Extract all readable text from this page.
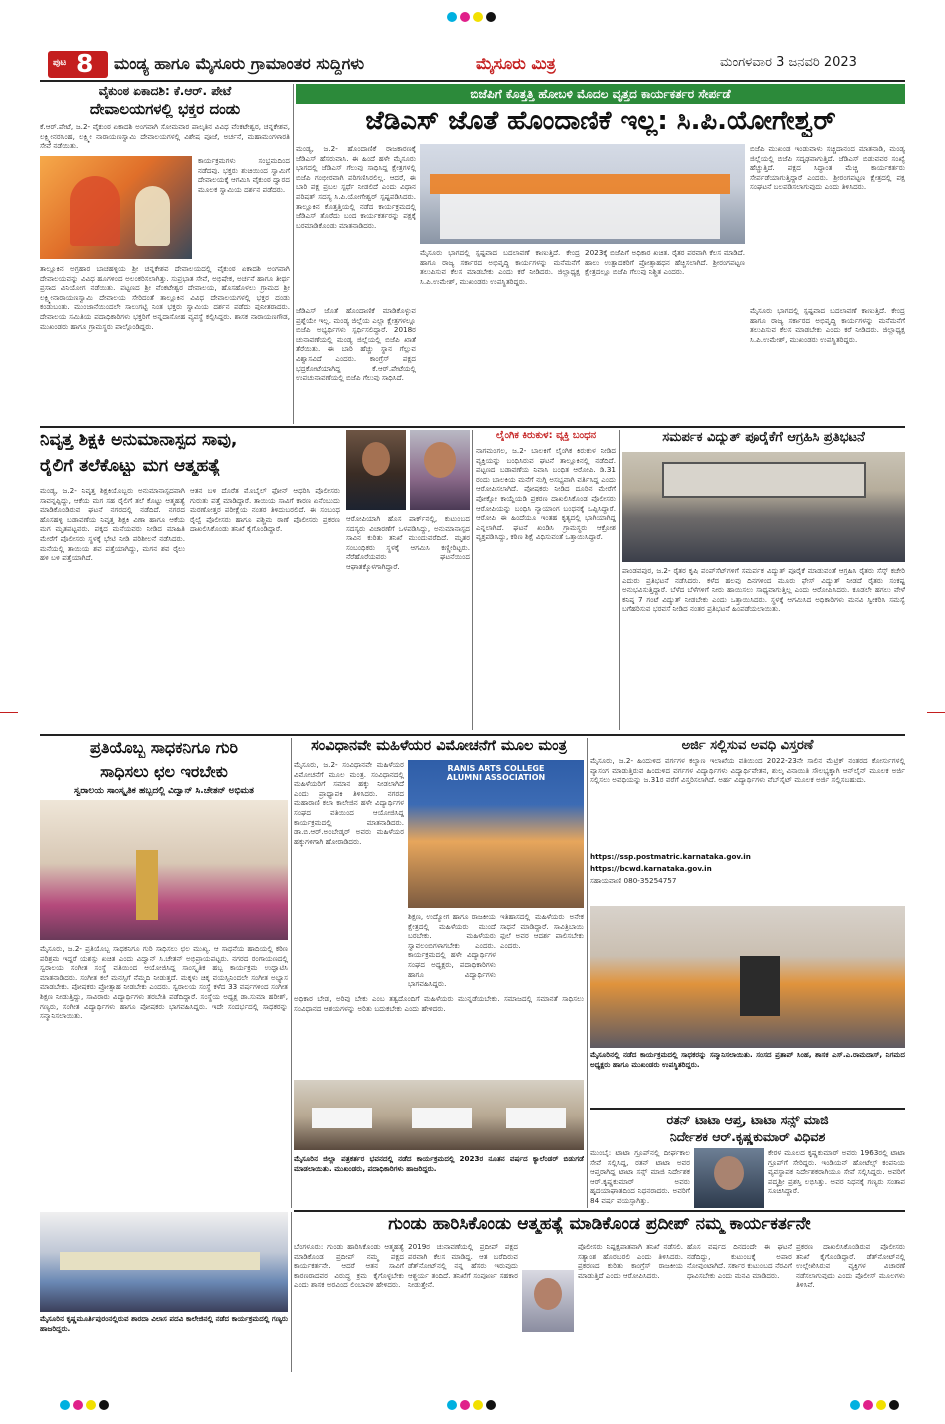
ಪುಟ 8 ಮಂಡ್ಯ ಹಾಗೂ ಮೈಸೂರು ಗ್ರಾಮಾಂತರ ಸುದ್ದಿಗಳು	ಮೈಸೂರು ಮಿತ್ರ	ಮಂಗಳವಾರ 3 ಜನವರಿ 2023
ವೈಕುಂಠ ಏಕಾದಶಿ: ಕೆ.ಆರ್. ಪೇಟೆ
ದೇವಾಲಯಗಳಲ್ಲಿ ಭಕ್ತರ ದಂಡು
ಕೆ.ಆರ್.ಪೇಟೆ, ಜ.2- ವೈಕುಂಠ ಏಕಾದಶಿ ಅಂಗವಾಗಿ ಸೋಮವಾರ ಪಾಲ್ಕತಿನ ವಿವಿಧ ವೆಂಕಟೇಶ್ವರ, ಚನ್ನಕೇಶವ, ಲಕ್ಷ್ಮೀನರಸಿಂಹ, ಲಕ್ಷ್ಮೀ ನಾರಾಯಣಸ್ವಾಮಿ ದೇವಾಲಯಗಳಲ್ಲಿ ವಿಶೇಷ ಪೂಜೆ, ಅರ್ಚನೆ, ಮಹಾಮಂಗಳಾರತಿ ಸೇವೆ ನಡೆಯಿತು.
ಕಾರ್ಯಕ್ರಮಗಳು ಸಂಭ್ರಮದಿಂದ ನಡೆದವು. ಭಕ್ತರು ಶುಚಿಯಿಂದ ಸ್ವಾಮಿಗೆ ದೇವಾಲಯಕ್ಕೆ ಆಗಮಿಸಿ ವೈಕುಂಠ ದ್ವಾರದ ಮೂಲಕ ಸ್ವಾಮಿಯ ದರ್ಶನ ಪಡೆದರು.
ತಾಲ್ಲೂಕಿನ ಅಗ್ರಹಾರ ಬಾಚಹಳ್ಳಿಯ ಶ್ರೀ ಚನ್ನಕೇಶವ ದೇವಾಲಯದಲ್ಲಿ ವೈಕುಂಠ ಏಕಾದಶಿ ಅಂಗವಾಗಿ ದೇವಾಲಯವನ್ನು ವಿವಿಧ ಹೂಗಳಿಂದ ಅಲಂಕರಿಸಲಾಗಿತ್ತು. ಸುಪ್ರಭಾತ ಸೇವೆ, ಅಭಿಷೇಕ, ಅರ್ಚನೆ ಹಾಗೂ ತೀರ್ಥ ಪ್ರಸಾದ ವಿನಿಯೋಗ ನಡೆಯಿತು. ಪಟ್ಟಣದ ಶ್ರೀ ವೆಂಕಟೇಶ್ವರ ದೇವಾಲಯ, ಹೊಸಹೊಳಲು ಗ್ರಾಮದ ಶ್ರೀ ಲಕ್ಷ್ಮೀನಾರಾಯಣಸ್ವಾಮಿ ದೇವಾಲಯ ಸೇರಿದಂತೆ ತಾಲ್ಲೂಕಿನ ವಿವಿಧ ದೇವಾಲಯಗಳಲ್ಲಿ ಭಕ್ತರ ದಂಡು ಕಂಡುಬಂತು. ಮುಂಜಾನೆಯಿಂದಲೇ ಸಾಲುಗಟ್ಟಿ ನಿಂತ ಭಕ್ತರು ಸ್ವಾಮಿಯ ದರ್ಶನ ಪಡೆದು ಪುನೀತರಾದರು. ದೇವಾಲಯ ಸಮಿತಿಯ ಪದಾಧಿಕಾರಿಗಳು ಭಕ್ತರಿಗೆ ಅನ್ನದಾಸೋಹ ವ್ಯವಸ್ಥೆ ಕಲ್ಪಿಸಿದ್ದರು. ಶಾಸಕ ನಾರಾಯಣಗೌಡ, ಮುಖಂಡರು ಹಾಗೂ ಗ್ರಾಮಸ್ಥರು ಪಾಲ್ಗೊಂಡಿದ್ದರು.
ಬಿಜೆಪಿಗೆ ಕೊತ್ತತ್ತಿ ಹೋಬಳಿ ಮೊದಲ ವೃತ್ತದ ಕಾರ್ಯಕರ್ತರ ಸೇರ್ಪಡೆ
ಜೆಡಿಎಸ್ ಜೊತೆ ಹೊಂದಾಣಿಕೆ ಇಲ್ಲ: ಸಿ.ಪಿ.ಯೋಗೇಶ್ವರ್
ಮಂಡ್ಯ, ಜ.2- ಹೊಂದಾಣಿಕೆ ರಾಜಕಾರಣಕ್ಕೆ ಜೆಡಿಎಸ್ ಹೆಸರುವಾಸಿ. ಈ ಹಿಂದೆ ಹಳೇ ಮೈಸೂರು ಭಾಗದಲ್ಲಿ ಜೆಡಿಎಸ್ ಗೆಲುವು ಸಾಧಿಸಿದ್ದ ಕ್ಷೇತ್ರಗಳಲ್ಲಿ ಬಿಜೆಪಿ ಗಂಭೀರವಾಗಿ ಪರಿಗಣಿಸಿರಲಿಲ್ಲ. ಆದರೆ, ಈ ಬಾರಿ ಪಕ್ಷ ಪ್ರಬಲ ಸ್ಪರ್ಧೆ ನೀಡಲಿದೆ ಎಂದು ವಿಧಾನ ಪರಿಷತ್ ಸದಸ್ಯ ಸಿ.ಪಿ.ಯೋಗೇಶ್ವರ್ ಸ್ಪಷ್ಟಪಡಿಸಿದರು. ತಾಲ್ಲೂಕಿನ ಕೊತ್ತತ್ತಿಯಲ್ಲಿ ನಡೆದ ಕಾರ್ಯಕ್ರಮದಲ್ಲಿ ಜೆಡಿಎಸ್ ತೊರೆದು ಬಂದ ಕಾರ್ಯಕರ್ತರನ್ನು ಪಕ್ಷಕ್ಕೆ ಬರಮಾಡಿಕೊಂಡು ಮಾತನಾಡಿದರು.
ಬಿಜೆಪಿ ಮುಖಂಡ ಇಂಡುವಾಳು ಸಚ್ಚಿದಾನಂದ ಮಾತನಾಡಿ, ಮಂಡ್ಯ ಜಿಲ್ಲೆಯಲ್ಲಿ ಬಿಜೆಪಿ ಸದೃಢವಾಗುತ್ತಿದೆ. ಜೆಡಿಎಸ್ ಬಿಡುವವರ ಸಂಖ್ಯೆ ಹೆಚ್ಚುತ್ತಿದೆ. ಪಕ್ಷದ ಸಿದ್ಧಾಂತ ಮೆಚ್ಚಿ ಕಾರ್ಯಕರ್ತರು ಸೇರ್ಪಡೆಯಾಗುತ್ತಿದ್ದಾರೆ ಎಂದರು. ಶ್ರೀರಂಗಪಟ್ಟಣ ಕ್ಷೇತ್ರದಲ್ಲಿ ಪಕ್ಷ ಸಂಘಟನೆ ಬಲಪಡಿಸಲಾಗುವುದು ಎಂದು ತಿಳಿಸಿದರು.
ಜೆಡಿಎಸ್ ಜೊತೆ ಹೊಂದಾಣಿಕೆ ಮಾಡಿಕೊಳ್ಳುವ ಪ್ರಶ್ನೆಯೇ ಇಲ್ಲ. ಮಂಡ್ಯ ಜಿಲ್ಲೆಯ ಎಲ್ಲಾ ಕ್ಷೇತ್ರಗಳಲ್ಲೂ ಬಿಜೆಪಿ ಅಭ್ಯರ್ಥಿಗಳು ಸ್ಪರ್ಧಿಸಲಿದ್ದಾರೆ. 2018ರ ಚುನಾವಣೆಯಲ್ಲಿ ಮಂಡ್ಯ ಜಿಲ್ಲೆಯಲ್ಲಿ ಬಿಜೆಪಿ ಖಾತೆ ತೆರೆಯಿತು. ಈ ಬಾರಿ ಹೆಚ್ಚು ಸ್ಥಾನ ಗೆಲ್ಲುವ ವಿಶ್ವಾಸವಿದೆ ಎಂದರು. ಕಾಂಗ್ರೆಸ್ ಪಕ್ಷದ ಭದ್ರಕೋಟೆಯಾಗಿದ್ದ ಕೆ.ಆರ್.ಪೇಟೆಯಲ್ಲಿ ಉಪಚುನಾವಣೆಯಲ್ಲಿ ಬಿಜೆಪಿ ಗೆಲುವು ಸಾಧಿಸಿದೆ.
ಮೈಸೂರು ಭಾಗದಲ್ಲಿ ಸ್ಪಷ್ಟವಾದ ಬದಲಾವಣೆ ಕಾಣುತ್ತಿದೆ. ಕೇಂದ್ರ ಹಾಗೂ ರಾಜ್ಯ ಸರ್ಕಾರದ ಅಭಿವೃದ್ಧಿ ಕಾರ್ಯಗಳನ್ನು ಮನೆಮನೆಗೆ ತಲುಪಿಸುವ ಕೆಲಸ ಮಾಡಬೇಕು ಎಂದು ಕರೆ ನೀಡಿದರು. ಜಿಲ್ಲಾಧ್ಯಕ್ಷ ಸಿ.ಪಿ.ಉಮೇಶ್, ಮುಖಂಡರು ಉಪಸ್ಥಿತರಿದ್ದರು.
2023ಕ್ಕೆ ಬಿಜೆಪಿಗೆ ಅಧಿಕಾರ ಖಚಿತ. ರೈತರ ಪರವಾಗಿ ಕೆಲಸ ಮಾಡಿದೆ. ಹಾಲು ಉತ್ಪಾದಕರಿಗೆ ಪ್ರೋತ್ಸಾಹಧನ ಹೆಚ್ಚಿಸಲಾಗಿದೆ. ಶ್ರೀರಂಗಪಟ್ಟಣ ಕ್ಷೇತ್ರದಲ್ಲೂ ಬಿಜೆಪಿ ಗೆಲುವು ನಿಶ್ಚಿತ ಎಂದರು.
ಮೈಸೂರು ಭಾಗದಲ್ಲಿ ಸ್ಪಷ್ಟವಾದ ಬದಲಾವಣೆ ಕಾಣುತ್ತಿದೆ. ಕೇಂದ್ರ ಹಾಗೂ ರಾಜ್ಯ ಸರ್ಕಾರದ ಅಭಿವೃದ್ಧಿ ಕಾರ್ಯಗಳನ್ನು ಮನೆಮನೆಗೆ ತಲುಪಿಸುವ ಕೆಲಸ ಮಾಡಬೇಕು ಎಂದು ಕರೆ ನೀಡಿದರು. ಜಿಲ್ಲಾಧ್ಯಕ್ಷ ಸಿ.ಪಿ.ಉಮೇಶ್, ಮುಖಂಡರು ಉಪಸ್ಥಿತರಿದ್ದರು.
ನಿವೃತ್ತ ಶಿಕ್ಷಕಿ ಅನುಮಾನಾಸ್ಪದ ಸಾವು,
ರೈಲಿಗೆ ತಲೆಕೊಟ್ಟು ಮಗ ಆತ್ಮಹತ್ಯೆ
ಮಂಡ್ಯ, ಜ.2- ನಿವೃತ್ತ ಶಿಕ್ಷಕಿಯೊಬ್ಬರು ಅನುಮಾನಾಸ್ಪದವಾಗಿ ಸಾವನ್ನಪ್ಪಿದ್ದು, ಆಕೆಯ ಮಗ ಸಹ ರೈಲಿಗೆ ತಲೆ ಕೊಟ್ಟು ಆತ್ಮಹತ್ಯೆ ಮಾಡಿಕೊಂಡಿರುವ ಘಟನೆ ನಗರದಲ್ಲಿ ನಡೆದಿದೆ. ನಗರದ ಹೊಸಹಳ್ಳಿ ಬಡಾವಣೆಯ ನಿವೃತ್ತ ಶಿಕ್ಷಕಿ ವಿಣಾ ಹಾಗೂ ಆಕೆಯ ಮಗ ಮೃತಪಟ್ಟವರು. ಪಕ್ಕದ ಮನೆಯವರು ನೀಡಿದ ಮಾಹಿತಿ ಮೇರೆಗೆ ಪೊಲೀಸರು ಸ್ಥಳಕ್ಕೆ ಭೇಟಿ ನೀಡಿ ಪರಿಶೀಲನೆ ನಡೆಸಿದರು. ಮನೆಯಲ್ಲಿ ತಾಯಿಯ ಶವ ಪತ್ತೆಯಾಗಿದ್ದು, ಮಗನ ಶವ ರೈಲು ಹಳಿ ಬಳಿ ಪತ್ತೆಯಾಗಿದೆ.
ಆತನ ಬಳಿ ದೊರೆತ ಮೊಬೈಲ್ ಫೋನ್ ಆಧರಿಸಿ ಪೊಲೀಸರು ಗುರುತು ಪತ್ತೆ ಮಾಡಿದ್ದಾರೆ. ತಾಯಿಯ ಸಾವಿಗೆ ಕಾರಣ ಏನೆಂಬುದು ಮರಣೋತ್ತರ ಪರೀಕ್ಷೆಯ ನಂತರ ತಿಳಿದುಬರಲಿದೆ. ಈ ಸಂಬಂಧ ರೈಲ್ವೆ ಪೊಲೀಸರು ಹಾಗೂ ಪಶ್ಚಿಮ ಠಾಣೆ ಪೊಲೀಸರು ಪ್ರಕರಣ ದಾಖಲಿಸಿಕೊಂಡು ತನಿಖೆ ಕೈಗೊಂಡಿದ್ದಾರೆ.
ಆರೋಪಿಯಾಗಿ ಹೊಸ ಪಾರ್ಕ್‌ನಲ್ಲಿ, ಕುಟುಂಬದ ಸದಸ್ಯರು ವಿಚಾರಣೆಗೆ ಒಳಪಡಿಸಿದ್ದು, ಅನುಮಾನಾಸ್ಪದ ಸಾವಿನ ಕುರಿತು ತನಿಖೆ ಮುಂದುವರೆದಿದೆ. ಮೃತರ ಸಂಬಂಧಿಕರು ಸ್ಥಳಕ್ಕೆ ಆಗಮಿಸಿ ಕಣ್ಣೀರಿಟ್ಟರು. ನೆರೆಹೊರೆಯವರು ಘಟನೆಯಿಂದ ಆಘಾತಕ್ಕೊಳಗಾಗಿದ್ದಾರೆ.
ಲೈಂಗಿಕ ಕಿರುಕುಳ: ವ್ಯಕ್ತಿ ಬಂಧನ
ನಾಗಮಂಗಲ, ಜ.2- ಬಾಲಕಿಗೆ ಲೈಂಗಿಕ ಕಿರುಕುಳ ನೀಡಿದ ವ್ಯಕ್ತಿಯನ್ನು ಬಂಧಿಸಿರುವ ಘಟನೆ ತಾಲ್ಲೂಕಿನಲ್ಲಿ ನಡೆದಿದೆ. ಪಟ್ಟಣದ ಬಡಾವಣೆಯ ನಿವಾಸಿ ಬಂಧಿತ ಆರೋಪಿ. ಡಿ.31 ರಂದು ಬಾಲಕಿಯ ಮನೆಗೆ ನುಗ್ಗಿ ಅಸಭ್ಯವಾಗಿ ವರ್ತಿಸಿದ್ದ ಎಂದು ಆರೋಪಿಸಲಾಗಿದೆ. ಪೋಷಕರು ನೀಡಿದ ದೂರಿನ ಮೇರೆಗೆ ಪೋಕ್ಸೋ ಕಾಯ್ದೆಯಡಿ ಪ್ರಕರಣ ದಾಖಲಿಸಿಕೊಂಡ ಪೊಲೀಸರು ಆರೋಪಿಯನ್ನು ಬಂಧಿಸಿ ನ್ಯಾಯಾಂಗ ಬಂಧನಕ್ಕೆ ಒಪ್ಪಿಸಿದ್ದಾರೆ. ಆರೋಪಿ ಈ ಹಿಂದೆಯೂ ಇಂತಹ ಕೃತ್ಯದಲ್ಲಿ ಭಾಗಿಯಾಗಿದ್ದ ಎನ್ನಲಾಗಿದೆ. ಘಟನೆ ಖಂಡಿಸಿ ಗ್ರಾಮಸ್ಥರು ಆಕ್ರೋಶ ವ್ಯಕ್ತಪಡಿಸಿದ್ದು, ಕಠಿಣ ಶಿಕ್ಷೆ ವಿಧಿಸುವಂತೆ ಒತ್ತಾಯಿಸಿದ್ದಾರೆ.
ಸಮರ್ಪಕ ವಿದ್ಯುತ್ ಪೂರೈಕೆಗೆ ಆಗ್ರಹಿಸಿ ಪ್ರತಿಭಟನೆ
ಪಾಂಡವಪುರ, ಜ.2- ರೈತರ ಕೃಷಿ ಪಂಪ್‌ಸೆಟ್‌ಗಳಿಗೆ ಸಮರ್ಪಕ ವಿದ್ಯುತ್ ಪೂರೈಕೆ ಮಾಡುವಂತೆ ಆಗ್ರಹಿಸಿ ರೈತರು ಸೆಸ್ಕ್ ಕಚೇರಿ ಎದುರು ಪ್ರತಿಭಟನೆ ನಡೆಸಿದರು. ಕಳೆದ ಹಲವು ದಿನಗಳಿಂದ ಮೂರು ಫೇಸ್ ವಿದ್ಯುತ್ ನೀಡದೆ ರೈತರು ಸಂಕಷ್ಟ ಅನುಭವಿಸುತ್ತಿದ್ದಾರೆ. ಬೆಳೆದ ಬೆಳೆಗಳಿಗೆ ನೀರು ಹಾಯಿಸಲು ಸಾಧ್ಯವಾಗುತ್ತಿಲ್ಲ ಎಂದು ಆರೋಪಿಸಿದರು. ಕೂಡಲೇ ಹಗಲು ವೇಳೆ ಕನಿಷ್ಠ 7 ಗಂಟೆ ವಿದ್ಯುತ್ ನೀಡಬೇಕು ಎಂದು ಒತ್ತಾಯಿಸಿದರು. ಸ್ಥಳಕ್ಕೆ ಆಗಮಿಸಿದ ಅಧಿಕಾರಿಗಳು ಮನವಿ ಸ್ವೀಕರಿಸಿ ಸಮಸ್ಯೆ ಬಗೆಹರಿಸುವ ಭರವಸೆ ನೀಡಿದ ನಂತರ ಪ್ರತಿಭಟನೆ ಹಿಂಪಡೆಯಲಾಯಿತು.
ಪ್ರತಿಯೊಬ್ಬ ಸಾಧಕನಿಗೂ ಗುರಿ
ಸಾಧಿಸಲು ಛಲ ಇರಬೇಕು
ಸ್ವರಾಲಯ ಸಾಂಸ್ಕೃತಿಕ ಹಬ್ಬದಲ್ಲಿ ವಿದ್ವಾನ್ ಸಿ.ಚೇತನ್ ಅಭಿಮತ
ಮೈಸೂರು, ಜ.2- ಪ್ರತಿಯೊಬ್ಬ ಸಾಧಕನಿಗೂ ಗುರಿ ಸಾಧಿಸಲು ಛಲ ಮುಖ್ಯ. ಆ ಸಾಧನೆಯ ಹಾದಿಯಲ್ಲಿ ಕಠಿಣ ಪರಿಶ್ರಮ ಇದ್ದರೆ ಯಶಸ್ಸು ಖಚಿತ ಎಂದು ವಿದ್ವಾನ್ ಸಿ.ಚೇತನ್ ಅಭಿಪ್ರಾಯಪಟ್ಟರು. ನಗರದ ರಂಗಾಯಣದಲ್ಲಿ ಸ್ವರಾಲಯ ಸಂಗೀತ ಸಂಸ್ಥೆ ವತಿಯಿಂದ ಆಯೋಜಿಸಿದ್ದ ಸಾಂಸ್ಕೃತಿಕ ಹಬ್ಬ ಕಾರ್ಯಕ್ರಮ ಉದ್ಘಾಟಿಸಿ ಮಾತನಾಡಿದರು. ಸಂಗೀತ ಕಲೆ ಮನಸ್ಸಿಗೆ ನೆಮ್ಮದಿ ನೀಡುತ್ತದೆ. ಮಕ್ಕಳು ಚಿಕ್ಕ ವಯಸ್ಸಿನಿಂದಲೇ ಸಂಗೀತ ಅಭ್ಯಾಸ ಮಾಡಬೇಕು. ಪೋಷಕರು ಪ್ರೋತ್ಸಾಹ ನೀಡಬೇಕು ಎಂದರು. ಸ್ವರಾಲಯ ಸಂಸ್ಥೆ ಕಳೆದ 33 ವರ್ಷಗಳಿಂದ ಸಂಗೀತ ಶಿಕ್ಷಣ ನೀಡುತ್ತಿದ್ದು, ಸಾವಿರಾರು ವಿದ್ಯಾರ್ಥಿಗಳು ತರಬೇತಿ ಪಡೆದಿದ್ದಾರೆ. ಸಂಸ್ಥೆಯ ಅಧ್ಯಕ್ಷ ಡಾ.ಸುಮಾ ಹರೀಶ್, ಗಣ್ಯರು, ಸಂಗೀತ ವಿದ್ಯಾರ್ಥಿಗಳು ಹಾಗೂ ಪೋಷಕರು ಭಾಗವಹಿಸಿದ್ದರು. ಇದೇ ಸಂದರ್ಭದಲ್ಲಿ ಸಾಧಕರನ್ನು ಸನ್ಮಾನಿಸಲಾಯಿತು.
ಸಂವಿಧಾನವೇ ಮಹಿಳೆಯರ ವಿಮೋಚನೆಗೆ ಮೂಲ ಮಂತ್ರ
ಮೈಸೂರು, ಜ.2- ಸಂವಿಧಾನವೇ ಮಹಿಳೆಯರ ವಿಮೋಚನೆಗೆ ಮೂಲ ಮಂತ್ರ. ಸಂವಿಧಾನದಲ್ಲಿ ಮಹಿಳೆಯರಿಗೆ ಸಮಾನ ಹಕ್ಕು ನೀಡಲಾಗಿದೆ ಎಂದು ಪ್ರಾಧ್ಯಾಪಕಿ ತಿಳಿಸಿದರು. ನಗರದ ಮಹಾರಾಣಿ ಕಲಾ ಕಾಲೇಜಿನ ಹಳೇ ವಿದ್ಯಾರ್ಥಿಗಳ ಸಂಘದ ವತಿಯಿಂದ ಆಯೋಜಿಸಿದ್ದ ಕಾರ್ಯಕ್ರಮದಲ್ಲಿ ಮಾತನಾಡಿದರು. ಡಾ.ಬಿ.ಆರ್.ಅಂಬೇಡ್ಕರ್ ಅವರು ಮಹಿಳೆಯರ ಹಕ್ಕುಗಳಿಗಾಗಿ ಹೋರಾಡಿದರು.
RANIS ARTS COLLEGE
ALUMNI ASSOCIATION
ಶಿಕ್ಷಣ, ಉದ್ಯೋಗ ಹಾಗೂ ರಾಜಕೀಯ ಕ್ಷೇತ್ರದಲ್ಲಿ ಮಹಿಳೆಯರು ಮುಂದೆ ಬರಬೇಕು. ಮಹಿಳೆಯರು ಸ್ವಾವಲಂಬಿಗಳಾಗಬೇಕು ಎಂದರು. ಕಾರ್ಯಕ್ರಮದಲ್ಲಿ ಹಳೇ ವಿದ್ಯಾರ್ಥಿಗಳ ಸಂಘದ ಅಧ್ಯಕ್ಷರು, ಪದಾಧಿಕಾರಿಗಳು ಹಾಗೂ ವಿದ್ಯಾರ್ಥಿಗಳು ಭಾಗವಹಿಸಿದ್ದರು.
ಇತಿಹಾಸದಲ್ಲಿ ಮಹಿಳೆಯರು ಅನೇಕ ಸಾಧನೆ ಮಾಡಿದ್ದಾರೆ. ಸಾವಿತ್ರಿಬಾಯಿ ಫುಲೆ ಅವರ ಆದರ್ಶ ಪಾಲಿಸಬೇಕು ಎಂದರು.
ಅಧಿಕಾರ ಬೇಡ, ಅರಿವು ಬೇಕು ಎಂಬ ತತ್ವದೊಂದಿಗೆ ಮಹಿಳೆಯರು ಮುನ್ನಡೆಯಬೇಕು. ಸಮಾಜದಲ್ಲಿ ಸಮಾನತೆ ಸಾಧಿಸಲು ಸಂವಿಧಾನದ ಆಶಯಗಳನ್ನು ಅರಿತು ಬದುಕಬೇಕು ಎಂದು ಹೇಳಿದರು.
ಮೈಸೂರಿನ ಜಿಲ್ಲಾ ಪತ್ರಕರ್ತರ ಭವನದಲ್ಲಿ ನಡೆದ ಕಾರ್ಯಕ್ರಮದಲ್ಲಿ 2023ರ ನೂತನ ವರ್ಷದ ಕ್ಯಾಲೆಂಡರ್ ಬಿಡುಗಡೆ ಮಾಡಲಾಯಿತು. ಮುಖಂಡರು, ಪದಾಧಿಕಾರಿಗಳು ಹಾಜರಿದ್ದರು.
ಅರ್ಜಿ ಸಲ್ಲಿಸುವ ಅವಧಿ ವಿಸ್ತರಣೆ
ಮೈಸೂರು, ಜ.2- ಹಿಂದುಳಿದ ವರ್ಗಗಳ ಕಲ್ಯಾಣ ಇಲಾಖೆಯ ವತಿಯಿಂದ 2022-23ನೇ ಸಾಲಿನ ಮೆಟ್ರಿಕ್ ನಂತರದ ಕೋರ್ಸುಗಳಲ್ಲಿ ವ್ಯಾಸಂಗ ಮಾಡುತ್ತಿರುವ ಹಿಂದುಳಿದ ವರ್ಗಗಳ ವಿದ್ಯಾರ್ಥಿಗಳು ವಿದ್ಯಾರ್ಥಿವೇತನ, ಶುಲ್ಕ ವಿನಾಯಿತಿ ಸೌಲಭ್ಯಕ್ಕಾಗಿ ಆನ್‌ಲೈನ್ ಮೂಲಕ ಅರ್ಜಿ ಸಲ್ಲಿಸಲು ಅವಧಿಯನ್ನು ಜ.31ರ ವರೆಗೆ ವಿಸ್ತರಿಸಲಾಗಿದೆ. ಅರ್ಹ ವಿದ್ಯಾರ್ಥಿಗಳು ವೆಬ್‌ಸೈಟ್ ಮೂಲಕ ಅರ್ಜಿ ಸಲ್ಲಿಸಬಹುದು.
https://ssp.postmatric.karnataka.gov.in
https://bcwd.karnataka.gov.in
ಸಹಾಯವಾಣಿ 080-35254757
ಮೈಸೂರಿನಲ್ಲಿ ನಡೆದ ಕಾರ್ಯಕ್ರಮದಲ್ಲಿ ಸಾಧಕರನ್ನು ಸನ್ಮಾನಿಸಲಾಯಿತು. ಸಂಸದ ಪ್ರತಾಪ್ ಸಿಂಹ, ಶಾಸಕ ಎಸ್.ಎ.ರಾಮದಾಸ್, ನಿಗಮದ ಅಧ್ಯಕ್ಷರು ಹಾಗೂ ಮುಖಂಡರು ಉಪಸ್ಥಿತರಿದ್ದರು.
ರತನ್ ಟಾಟಾ ಆಪ್ತ, ಟಾಟಾ ಸನ್ಸ್ ಮಾಜಿ
ನಿರ್ದೇಶಕ ಆರ್.ಕೃಷ್ಣಕುಮಾರ್ ವಿಧಿವಶ
ಮುಂಬೈ: ಟಾಟಾ ಗ್ರೂಪ್‌ನಲ್ಲಿ ದೀರ್ಘಕಾಲ ಸೇವೆ ಸಲ್ಲಿಸಿದ್ದ, ರತನ್ ಟಾಟಾ ಅವರ ಆಪ್ತರಾಗಿದ್ದ ಟಾಟಾ ಸನ್ಸ್ ಮಾಜಿ ನಿರ್ದೇಶಕ ಆರ್.ಕೃಷ್ಣಕುಮಾರ್ ಅವರು ಹೃದಯಾಘಾತದಿಂದ ನಿಧನರಾದರು. ಅವರಿಗೆ 84 ವರ್ಷ ವಯಸ್ಸಾಗಿತ್ತು.
ಕೇರಳ ಮೂಲದ ಕೃಷ್ಣಕುಮಾರ್ ಅವರು 1963ರಲ್ಲಿ ಟಾಟಾ ಗ್ರೂಪ್‌ಗೆ ಸೇರಿದ್ದರು. ಇಂಡಿಯನ್ ಹೋಟೆಲ್ಸ್ ಕಂಪನಿಯ ವ್ಯವಸ್ಥಾಪಕ ನಿರ್ದೇಶಕರಾಗಿಯೂ ಸೇವೆ ಸಲ್ಲಿಸಿದ್ದರು. ಅವರಿಗೆ ಪದ್ಮಶ್ರೀ ಪ್ರಶಸ್ತಿ ಲಭಿಸಿತ್ತು. ಅವರ ನಿಧನಕ್ಕೆ ಗಣ್ಯರು ಸಂತಾಪ ಸೂಚಿಸಿದ್ದಾರೆ.
ಮೈಸೂರಿನ ಕೃಷ್ಣಮೂರ್ತಿಪುರಂನಲ್ಲಿರುವ ಶಾರದಾ ವಿಲಾಸ ಪದವಿ ಕಾಲೇಜಿನಲ್ಲಿ ನಡೆದ ಕಾರ್ಯಕ್ರಮದಲ್ಲಿ ಗಣ್ಯರು ಹಾಜರಿದ್ದರು.
ಗುಂಡು ಹಾರಿಸಿಕೊಂಡು ಆತ್ಮಹತ್ಯೆ ಮಾಡಿಕೊಂಡ ಪ್ರದೀಪ್ ನಮ್ಮ ಕಾರ್ಯಕರ್ತನೇ
ಬೆಂಗಳೂರು: ಗುಂಡು ಹಾರಿಸಿಕೊಂಡು ಆತ್ಮಹತ್ಯೆ ಮಾಡಿಕೊಂಡ ಪ್ರದೀಪ್ ನಮ್ಮ ಪಕ್ಷದ ಕಾರ್ಯಕರ್ತನೇ. ಆದರೆ ಆತನ ಸಾವಿಗೆ ಕಾರಣರಾದವರ ವಿರುದ್ಧ ಕ್ರಮ ಕೈಗೊಳ್ಳಬೇಕು ಎಂದು ಶಾಸಕ ಅರವಿಂದ ಲಿಂಬಾವಳಿ ಹೇಳಿದರು.
2019ರ ಚುನಾವಣೆಯಲ್ಲಿ ಪ್ರದೀಪ್ ಪಕ್ಷದ ಪರವಾಗಿ ಕೆಲಸ ಮಾಡಿದ್ದ. ಆತ ಬರೆದಿರುವ ಡೆತ್‌ನೋಟ್‌ನಲ್ಲಿ ನನ್ನ ಹೆಸರು ಇರುವುದು ಆಶ್ಚರ್ಯ ತಂದಿದೆ. ತನಿಖೆಗೆ ಸಂಪೂರ್ಣ ಸಹಕಾರ ನೀಡುತ್ತೇನೆ.
ಪೊಲೀಸರು ನಿಷ್ಪಕ್ಷಪಾತವಾಗಿ ತನಿಖೆ ನಡೆಸಲಿ. ಸತ್ಯಾಂಶ ಹೊರಬರಲಿ ಎಂದು ತಿಳಿಸಿದರು. ಪ್ರಕರಣದ ಕುರಿತು ಕಾಂಗ್ರೆಸ್ ರಾಜಕೀಯ ಮಾಡುತ್ತಿದೆ ಎಂದು ಆರೋಪಿಸಿದರು.
ಹೊಸ ವರ್ಷದ ದಿನದಂದೇ ಈ ಘಟನೆ ನಡೆದಿದ್ದು, ಕುಟುಂಬಕ್ಕೆ ಅಪಾರ ನೋವುಂಟಾಗಿದೆ. ಸರ್ಕಾರ ಕುಟುಂಬದ ನೆರವಿಗೆ ಧಾವಿಸಬೇಕು ಎಂದು ಮನವಿ ಮಾಡಿದರು.
ಪ್ರಕರಣ ದಾಖಲಿಸಿಕೊಂಡಿರುವ ಪೊಲೀಸರು ತನಿಖೆ ಕೈಗೊಂಡಿದ್ದಾರೆ. ಡೆತ್‌ನೋಟ್‌ನಲ್ಲಿ ಉಲ್ಲೇಖಿಸಿರುವ ವ್ಯಕ್ತಿಗಳ ವಿಚಾರಣೆ ನಡೆಸಲಾಗುವುದು ಎಂದು ಪೊಲೀಸ್ ಮೂಲಗಳು ತಿಳಿಸಿವೆ.
